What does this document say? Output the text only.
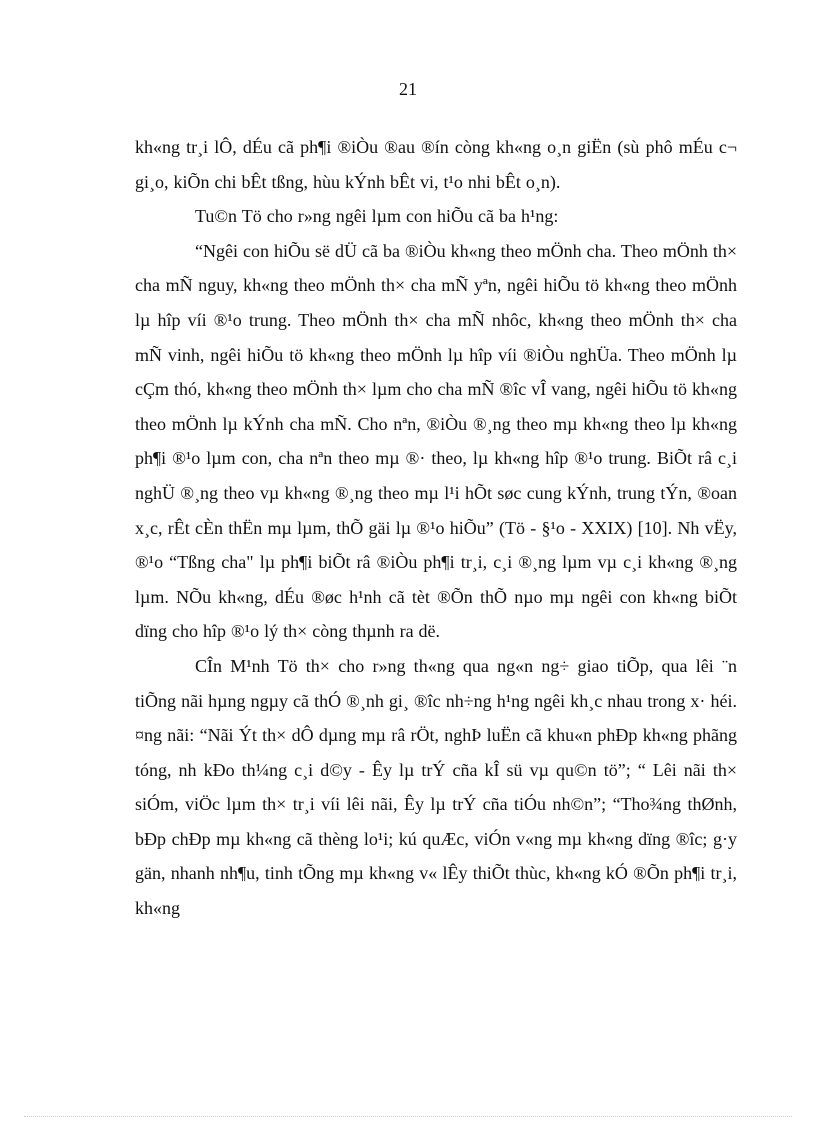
21

kh«ng tr¸i lÔ, dÉu cã ph¶i ®iÒu ®au ®ín còng kh«ng o¸n giËn (sù phô mÉu c¬ gi¸o, kiÕn chi bÊt tßng, hùu kÝnh bÊt vi, t¹o nhi bÊt o¸n).

Tu©n Tö cho r»ng ngêi lµm con hiÕu cã ba h¹ng:

“Ngêi con hiÕu së dÜ cã ba ®iÒu kh«ng theo mÖnh cha. Theo mÖnh th× cha mÑ nguy, kh«ng theo mÖnh th× cha mÑ yªn, ngêi hiÕu tö kh«ng theo mÖnh lµ hîp víi ®¹o trung. Theo mÖnh th× cha mÑ nhôc, kh«ng theo mÖnh th× cha mÑ vinh, ngêi hiÕu tö kh«ng theo mÖnh lµ hîp víi ®iÒu nghÜa. Theo mÖnh lµ cÇm thó, kh«ng theo mÖnh th× lµm cho cha mÑ ®îc vÎ vang, ngêi hiÕu tö kh«ng theo mÖnh lµ kÝnh cha mÑ. Cho nªn, ®iÒu ®¸ng theo mµ kh«ng theo lµ kh«ng ph¶i ®¹o lµm con, cha nªn theo mµ ®· theo, lµ kh«ng hîp ®¹o trung. BiÕt râ c¸i nghÜ ®¸ng theo vµ kh«ng ®¸ng theo mµ l¹i hÕt søc cung kÝnh, trung tÝn, ®oan x¸c, rÊt cÈn thËn mµ lµm, thÕ gäi lµ ®¹o hiÕu” (Tö - §¹o - XXIX) [10]. Nh vËy, ®¹o “Tßng cha" lµ ph¶i biÕt râ ®iÒu ph¶i tr¸i, c¸i ®¸ng lµm vµ c¸i kh«ng ®¸ng lµm. NÕu kh«ng, dÉu ®øc h¹nh cã tèt ®Õn thÕ nµo mµ ngêi con kh«ng biÕt dïng cho hîp ®¹o lý th× còng thµnh ra dë.

CÎn M¹nh Tö th× cho r»ng th«ng qua ng«n ng÷ giao tiÕp, qua lêi ¨n tiÕng nãi hµng ngµy cã thÓ ®¸nh gi¸ ®îc nh÷ng h¹ng ngêi kh¸c nhau trong x· héi. ¤ng nãi: “Nãi Ýt th× dÔ dµng mµ râ rÖt, nghÞ luËn cã khu«n phÐp kh«ng phãng tóng, nh kÐo th¼ng c¸i d©y - Êy lµ trÝ cña kÎ sü vµ qu©n tö”; “ Lêi nãi th× siÓm, viÖc lµm th× tr¸i víi lêi nãi, Êy lµ trÝ cña tiÓu nh©n”; “Tho¾ng thØnh, bÐp chÐp mµ kh«ng cã thèng lo¹i; kú quÆc, viÓn v«ng mµ kh«ng dïng ®îc; g·y gän, nhanh nh¶u, tinh tÕng mµ kh«ng v« lÊy thiÕt thùc, kh«ng kÓ ®Õn ph¶i tr¸i, kh«ng
